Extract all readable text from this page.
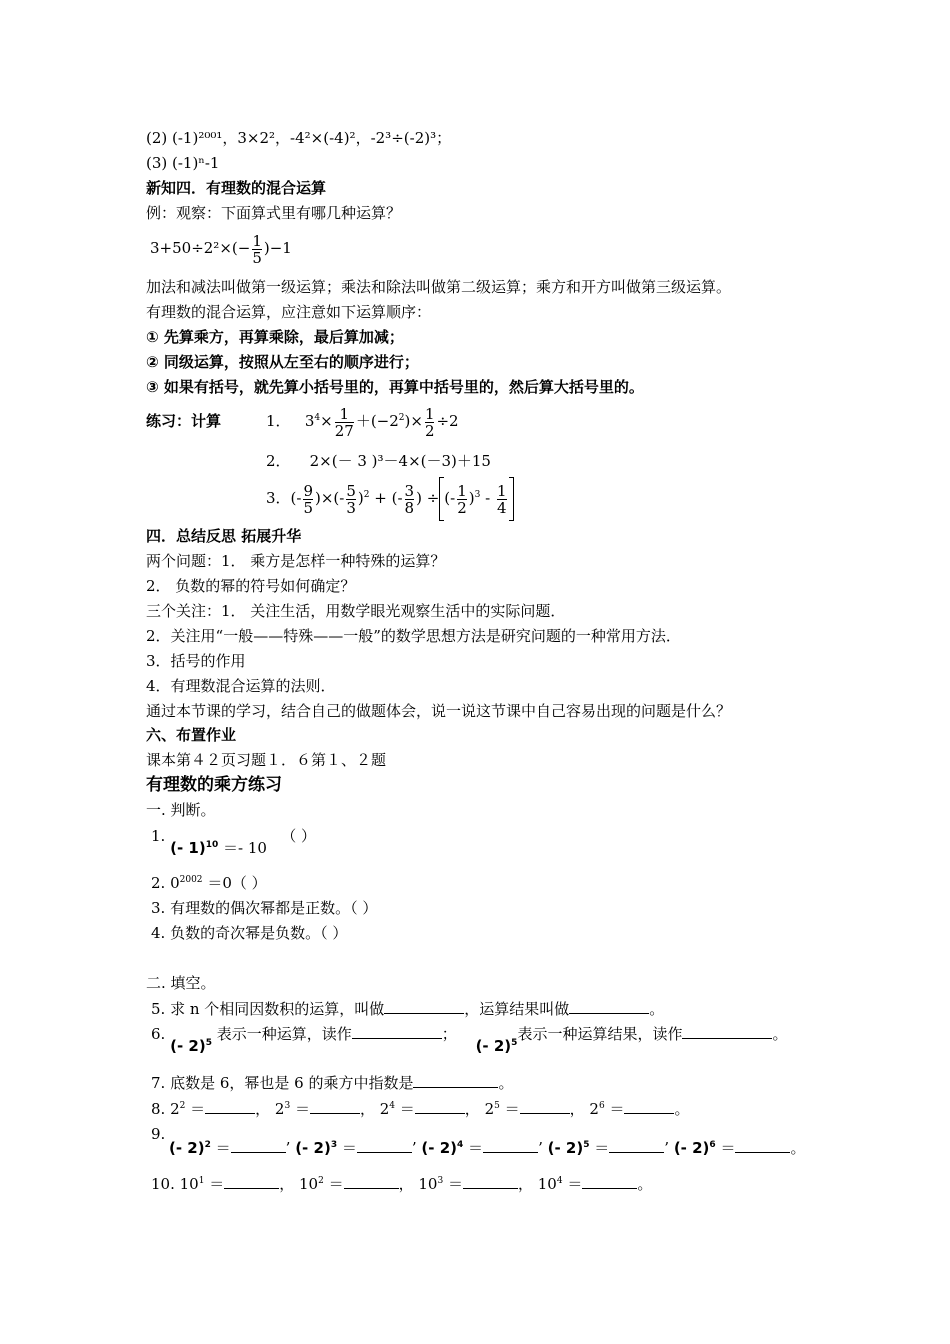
(2) (-1)²⁰⁰¹，3×2²，-4²×(-4)²，-2³÷(-2)³；
(3) (-1)ⁿ-1
新知四．有理数的混合运算
例：观察：下面算式里有哪几种运算？
$3+50\div 2^2\times(- \frac{1}{5} )-1$
加法和减法叫做第一级运算；乘法和除法叫做第二级运算；乘方和开方叫做第三级运算。
有理数的混合运算，应注意如下运算顺序：
① 先算乘方，再算乘除，最后算加减；
② 同级运算，按照从左至右的顺序进行；
③ 如果有括号，就先算小括号里的，再算中括号里的，然后算大括号里的。
练习：计算	1．   $3^4\times \frac{1}{27} +(-2^2)\times \frac{1}{2} \div 2$
2． 2×(－ 3 )³－4×(－3)＋15
3．(- $\frac{9}{5}$ )×(- $\frac{5}{3} )^2$ + (- $\frac{3}{8}$ ) ÷ (- $\frac{1}{2} )^3 - \frac{1}{4}$
四．总结反思 拓展升华
两个问题：1． 乘方是怎样一种特殊的运算？
2． 负数的幂的符号如何确定？
三个关注：1． 关注生活，用数学眼光观察生活中的实际问题．
2．关注用“一般——特殊——一般”的数学思想方法是研究问题的一种常用方法．
3．括号的作用
4．有理数混合运算的法则．
通过本节课的学习，结合自己的做题体会，说一说这节课中自己容易出现的问题是什么？
六、布置作业
课本第４２页习题１．６第１、２题
有理数的乘方练习
一. 判断。
1. (- 1)$^{10}$ ＝- 10   （ ）
2. $0^{2002} =0$（ ）
3. 有理数的偶次幂都是正数。（ ）
4. 负数的奇次幂是负数。（ ）
二. 填空。
5. 求 n 个相同因数积的运算，叫做	，运算结果叫做	。
6. (- 2)$^5$ 表示一种运算，读作	； (- 2)$^5$表示一种运算结果，读作	。
7. 底数是 6，幂也是 6 的乘方中指数是	。
8. $2^2$ ＝	， $2^3$ ＝	， $2^4$ ＝	， $2^5$ ＝	， $2^6$ ＝	。
9.
(- 2)$^2$ ＝	’ (- 2)$^3$ ＝	’ (- 2)$^4$ ＝	’ (- 2)$^5$ ＝	’ (- 2)$^6$ ＝	。
10. $10^1$ ＝	， $10^2$ ＝	， $10^3$ ＝	， $10^4$ ＝	。
